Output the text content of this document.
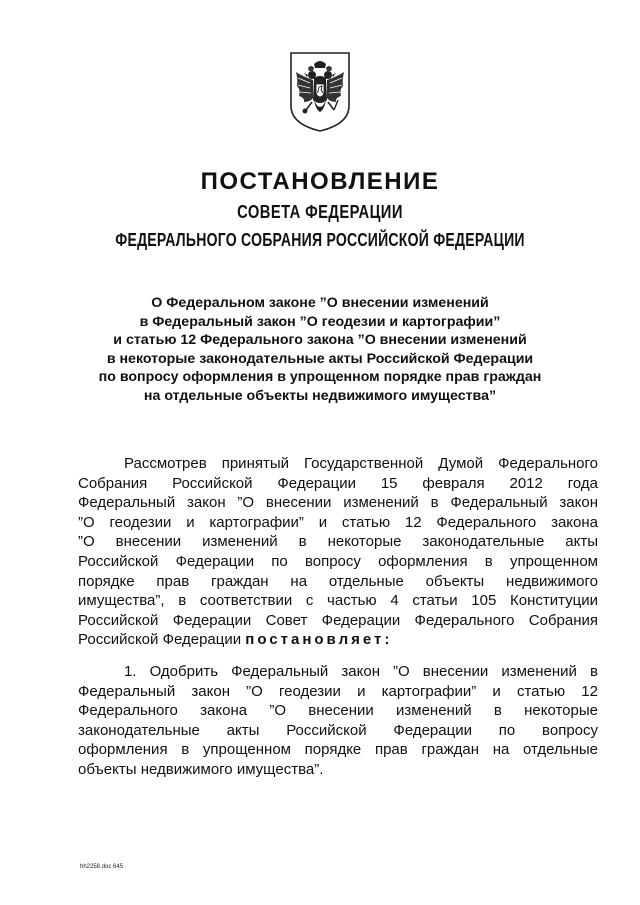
ПОСТАНОВЛЕНИЕ
СОВЕТА ФЕДЕРАЦИИ
ФЕДЕРАЛЬНОГО СОБРАНИЯ РОССИЙСКОЙ ФЕДЕРАЦИИ
О Федеральном законе ”О внесении изменений
в Федеральный закон ”О геодезии и картографии”
и статью 12 Федерального закона ”О внесении изменений
в некоторые законодательные акты Российской Федерации
по вопросу оформления в упрощенном порядке прав граждан
на отдельные объекты недвижимого имущества”
Рассмотрев принятый Государственной Думой Федерального
Собрания Российской Федерации 15 февраля 2012 года
Федеральный закон ”О внесении изменений в Федеральный закон
”О геодезии и картографии” и статью 12 Федерального закона
”О внесении изменений в некоторые законодательные акты
Российской Федерации по вопросу оформления в упрощенном
порядке прав граждан на отдельные объекты недвижимого
имущества”, в соответствии с частью 4 статьи 105 Конституции
Российской Федерации Совет Федерации Федерального Собрания
Российской Федерации постановляет:
1. Одобрить Федеральный закон ”О внесении изменений в
Федеральный закон ”О геодезии и картографии” и статью 12
Федерального закона ”О внесении изменений в некоторые
законодательные акты Российской Федерации по вопросу
оформления в упрощенном порядке прав граждан на отдельные
объекты недвижимого имущества”.
hh2258.doc 645
